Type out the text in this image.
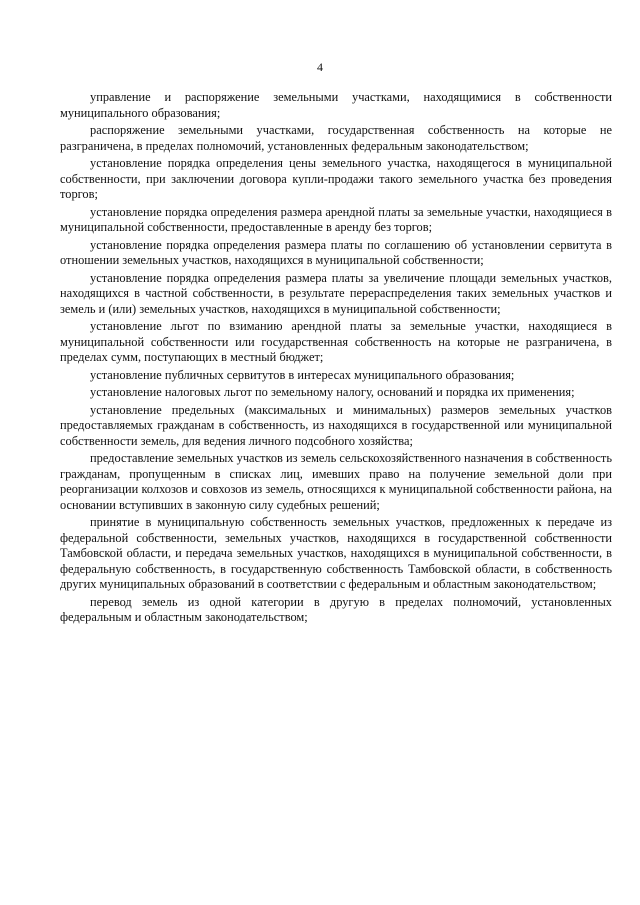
4

управление и распоряжение земельными участками, находящимися в собственности муниципального образования;

распоряжение земельными участками, государственная собственность на которые не разграничена, в пределах полномочий, установленных федеральным законодательством;

установление порядка определения цены земельного участка, находящегося в муниципальной собственности, при заключении договора купли-продажи такого земельного участка без проведения торгов;

установление порядка определения размера арендной платы за земельные участки, находящиеся в муниципальной собственности, предоставленные в аренду без торгов;

установление порядка определения размера платы по соглашению об установлении сервитута в отношении земельных участков, находящихся в муниципальной собственности;

установление порядка определения размера платы за увеличение площади земельных участков, находящихся в частной собственности, в результате перераспределения таких земельных участков и земель и (или) земельных участков, находящихся в муниципальной собственности;

установление льгот по взиманию арендной платы за земельные участки, находящиеся в муниципальной собственности или государственная собственность на которые не разграничена, в пределах сумм, поступающих в местный бюджет;

установление публичных сервитутов в интересах муниципального образования;

установление налоговых льгот по земельному налогу, оснований и порядка их применения;

установление предельных (максимальных и минимальных) размеров земельных участков предоставляемых гражданам в собственность, из находящихся в государственной или муниципальной собственности земель, для ведения личного подсобного хозяйства;

предоставление земельных участков из земель сельскохозяйственного назначения в собственность гражданам, пропущенным в списках лиц, имевших право на получение земельной доли при реорганизации колхозов и совхозов из земель, относящихся к муниципальной собственности района, на основании вступивших в законную силу судебных решений;

принятие в муниципальную собственность земельных участков, предложенных к передаче из федеральной собственности, земельных участков, находящихся в государственной собственности Тамбовской области, и передача земельных участков, находящихся в муниципальной собственности, в федеральную собственность, в государственную собственность Тамбовской области, в собственность других муниципальных образований в соответствии с федеральным и областным законодательством;

перевод земель из одной категории в другую в пределах полномочий, установленных федеральным и областным законодательством;
